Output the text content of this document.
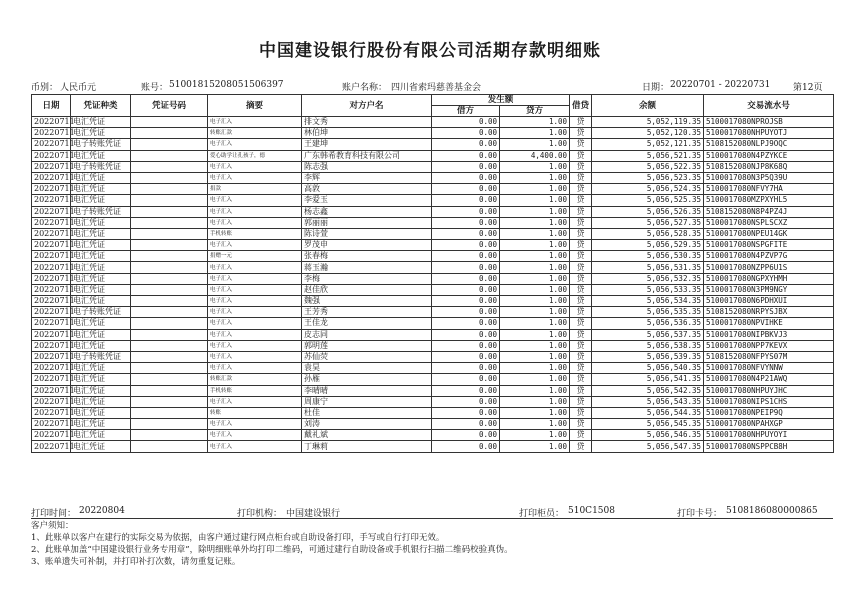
中国建设银行股份有限公司活期存款明细账
币别： 人民币元	账号： 51001815208051506397	账户名称： 四川省索玛慈善基金会	日期： 20220701 - 20220731	第12页
日期	凭证种类	凭证号码	摘要	对方户名	发生额		借贷	余额	交易流水号
					借方	贷方			
20220711	电汇凭证		电子汇入	排文秀	0.00	1.00	贷	5,052,119.35	5100017080NPROJSB
20220711	电汇凭证		转账汇款	林伯坤	0.00	1.00	贷	5,052,120.35	5100017080NHPUYOTJ
20220711	电子转账凭证		电子汇入	王建坤	0.00	1.00	贷	5,052,121.35	5108152080NLPJ9OQC
20220711	电汇凭证		爱心助学让孔孩子，德	广东韩希教育科技有限公司	0.00	4,400.00	贷	5,056,521.35	5100017080N4PZYKCE
20220711	电子转账凭证		电子汇入	陈志强	0.00	1.00	贷	5,056,522.35	5108152080NJP8K68Q
20220711	电汇凭证		电子汇入	李辉	0.00	1.00	贷	5,056,523.35	5100017080N3P5Q39U
20220711	电汇凭证		捐款	高敦	0.00	1.00	贷	5,056,524.35	5100017080NFVY7HA
20220711	电汇凭证		电子汇入	李爱玉	0.00	1.00	贷	5,056,525.35	5100017080MZPXYHL5
20220711	电子转账凭证		电子汇入	杨志鑫	0.00	1.00	贷	5,056,526.35	5108152080N8P4PZ4J
20220711	电汇凭证		电子汇入	郭丽丽	0.00	1.00	贷	5,056,527.35	5100017080NSPLSCXZ
20220711	电汇凭证		手机转账	陈诗萱	0.00	1.00	贷	5,056,528.35	5100017080NPEU14GK
20220711	电汇凭证		电子汇入	罗茂申	0.00	1.00	贷	5,056,529.35	5100017080NSPGFITE
20220711	电汇凭证		捐赠一元	张春梅	0.00	1.00	贷	5,056,530.35	5100017080N4PZVP7G
20220711	电汇凭证		电子汇入	蒋玉瀚	0.00	1.00	贷	5,056,531.35	5100017080NZPP6U1S
20220711	电汇凭证		电子汇入	李梅	0.00	1.00	贷	5,056,532.35	5100017080NGPXYHMH
20220711	电汇凭证		电子汇入	赵佳欣	0.00	1.00	贷	5,056,533.35	5100017080N3PM9NGY
20220711	电汇凭证		电子汇入	魏强	0.00	1.00	贷	5,056,534.35	5100017080N6PDHXUI
20220711	电子转账凭证		电子汇入	王芳秀	0.00	1.00	贷	5,056,535.35	5108152080NRPYSJBX
20220711	电汇凭证		电子汇入	王佳龙	0.00	1.00	贷	5,056,536.35	5100017080NPVIHKE
20220711	电汇凭证		电子汇入	皮志同	0.00	1.00	贷	5,056,537.35	5100017080NIPBKVJ3
20220711	电汇凭证		电子汇入	郭明莲	0.00	1.00	贷	5,056,538.35	5100017080NPP7KEVX
20220711	电子转账凭证		电子汇入	苏仙荧	0.00	1.00	贷	5,056,539.35	5108152080NFPYS07M
20220711	电汇凭证		电子汇入	袁昊	0.00	1.00	贷	5,056,540.35	5100017080NFVYNNW
20220711	电汇凭证		转账汇款	孙雁	0.00	1.00	贷	5,056,541.35	5100017080N4P21AWQ
20220711	电汇凭证		手机转账	李晴晴	0.00	1.00	贷	5,056,542.35	5100017080NHPUYJHC
20220711	电汇凭证		电子汇入	周康宁	0.00	1.00	贷	5,056,543.35	5100017080NIPS1CHS
20220711	电汇凭证		转账	杜佳	0.00	1.00	贷	5,056,544.35	5100017080NPEIP9Q
20220711	电汇凭证		电子汇入	刘涛	0.00	1.00	贷	5,056,545.35	5100017080NPAHXGP
20220711	电汇凭证		电子汇入	戴礼斌	0.00	1.00	贷	5,056,546.35	5100017080NHPUYOYI
20220711	电汇凭证		电子汇入	丁琳莉	0.00	1.00	贷	5,056,547.35	5100017080NSPPCB8H
打印时间： 20220804	打印机构： 中国建设银行	打印柜员： 510C1508	打印卡号： 5108186080000865
客户须知：
1、此账单以客户在建行的实际交易为依据，由客户通过建行网点柜台或自助设备打印，手写或自行打印无效。
2、此账单加盖“中国建设银行业务专用章”，除明细账单外均打印二维码，可通过建行自助设备或手机银行扫描二维码校验真伪。
3、账单遗失可补制，并打印补打次数，请勿重复记账。
